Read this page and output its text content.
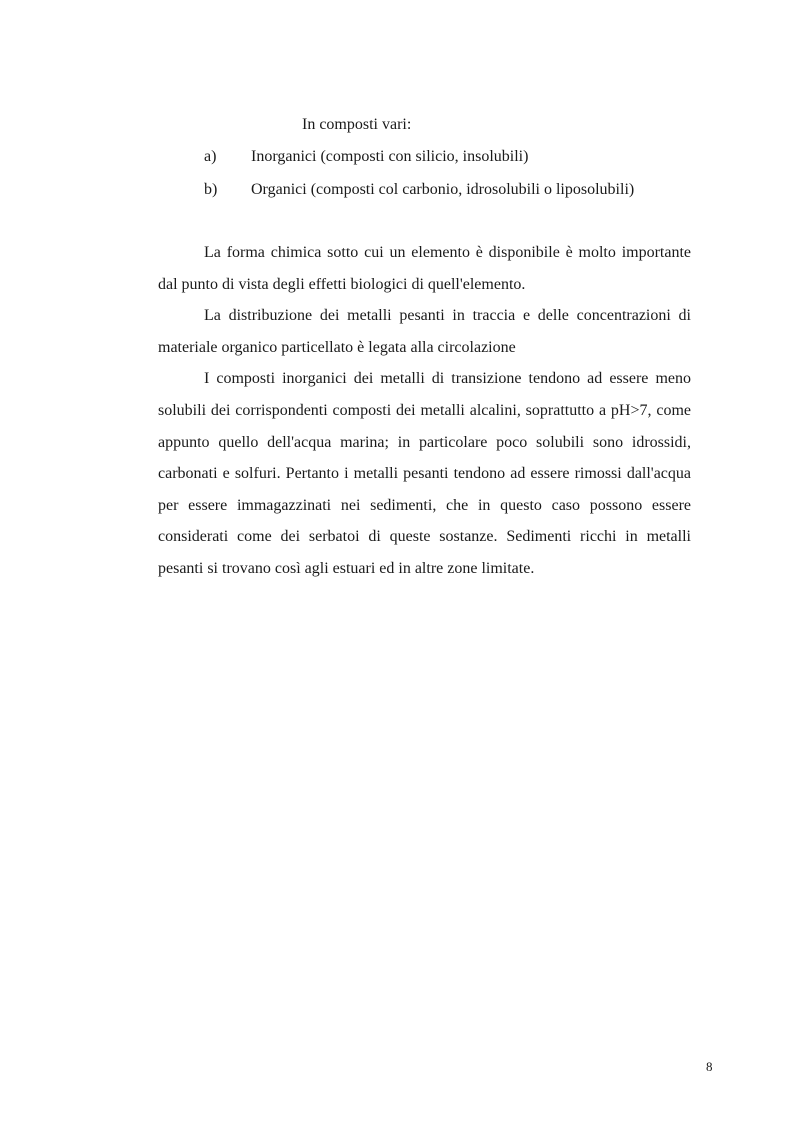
In composti vari:
a) Inorganici (composti con silicio, insolubili)
b) Organici (composti col carbonio, idrosolubili o liposolubili)

La forma chimica sotto cui un elemento è disponibile è molto importante dal punto di vista degli effetti biologici di quell'elemento.

La distribuzione dei metalli pesanti in traccia e delle concentrazioni di materiale organico particellato è legata alla circolazione

I composti inorganici dei metalli di transizione tendono ad essere meno solubili dei corrispondenti composti dei metalli alcalini, soprattutto a pH>7, come appunto quello dell'acqua marina; in particolare poco solubili sono idrossidi, carbonati e solfuri. Pertanto i metalli pesanti tendono ad essere rimossi dall'acqua per essere immagazzinati nei sedimenti, che in questo caso possono essere considerati come dei serbatoi di queste sostanze. Sedimenti ricchi in metalli pesanti si trovano così agli estuari ed in altre zone limitate.

8
